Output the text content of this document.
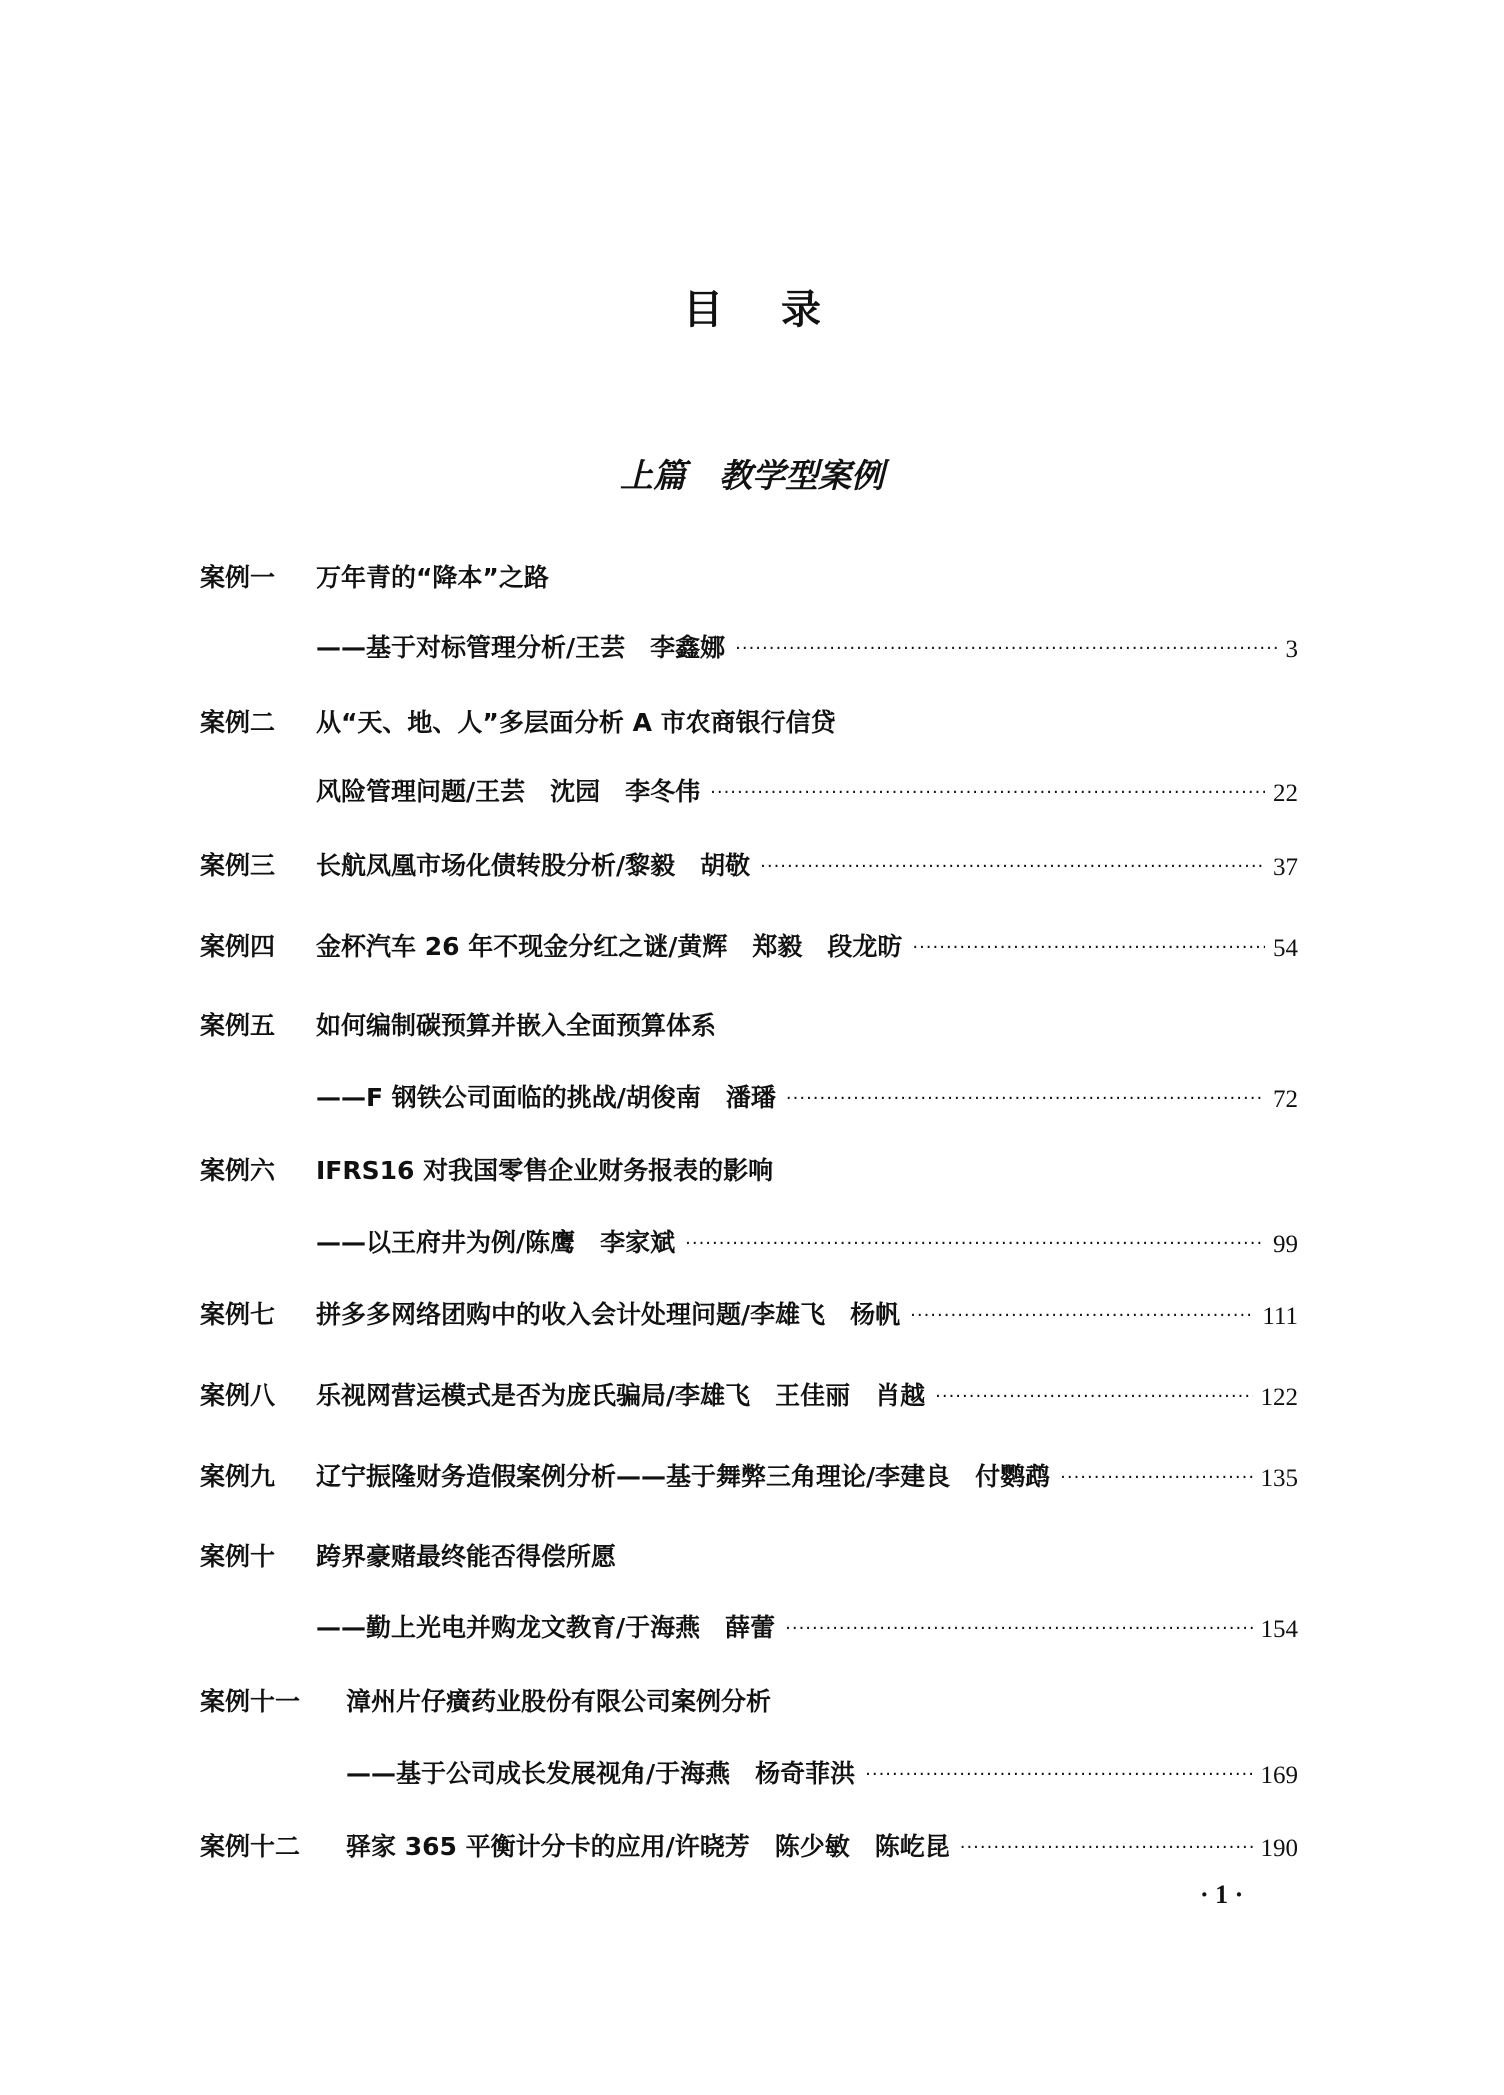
目录
上篇　教学型案例
案例一	万年青的“降本”之路
——基于对标管理分析/王芸　李鑫娜 ·····	3
案例二	从“天、地、人”多层面分析 A 市农商银行信贷
风险管理问题/王芸　沈园　李冬伟 ·····	22
案例三	长航凤凰市场化债转股分析/黎毅　胡敬 ·····	37
案例四	金杯汽车 26 年不现金分红之谜/黄辉　郑毅　段龙昉 ·····	54
案例五	如何编制碳预算并嵌入全面预算体系
——F 钢铁公司面临的挑战/胡俊南　潘璠 ·····	72
案例六	IFRS16 对我国零售企业财务报表的影响
——以王府井为例/陈鹰　李家斌 ·····	99
案例七	拼多多网络团购中的收入会计处理问题/李雄飞　杨帆 ·····	111
案例八	乐视网营运模式是否为庞氏骗局/李雄飞　王佳丽　肖越 ·····	122
案例九	辽宁振隆财务造假案例分析——基于舞弊三角理论/李建良　付鹦鹉 ·····	135
案例十	跨界豪赌最终能否得偿所愿
——勤上光电并购龙文教育/于海燕　薛蕾 ·····	154
案例十一	漳州片仔癀药业股份有限公司案例分析
——基于公司成长发展视角/于海燕　杨奇菲洪 ·····	169
案例十二	驿家 365 平衡计分卡的应用/许晓芳　陈少敏　陈屹昆 ·····	190
· 1 ·
